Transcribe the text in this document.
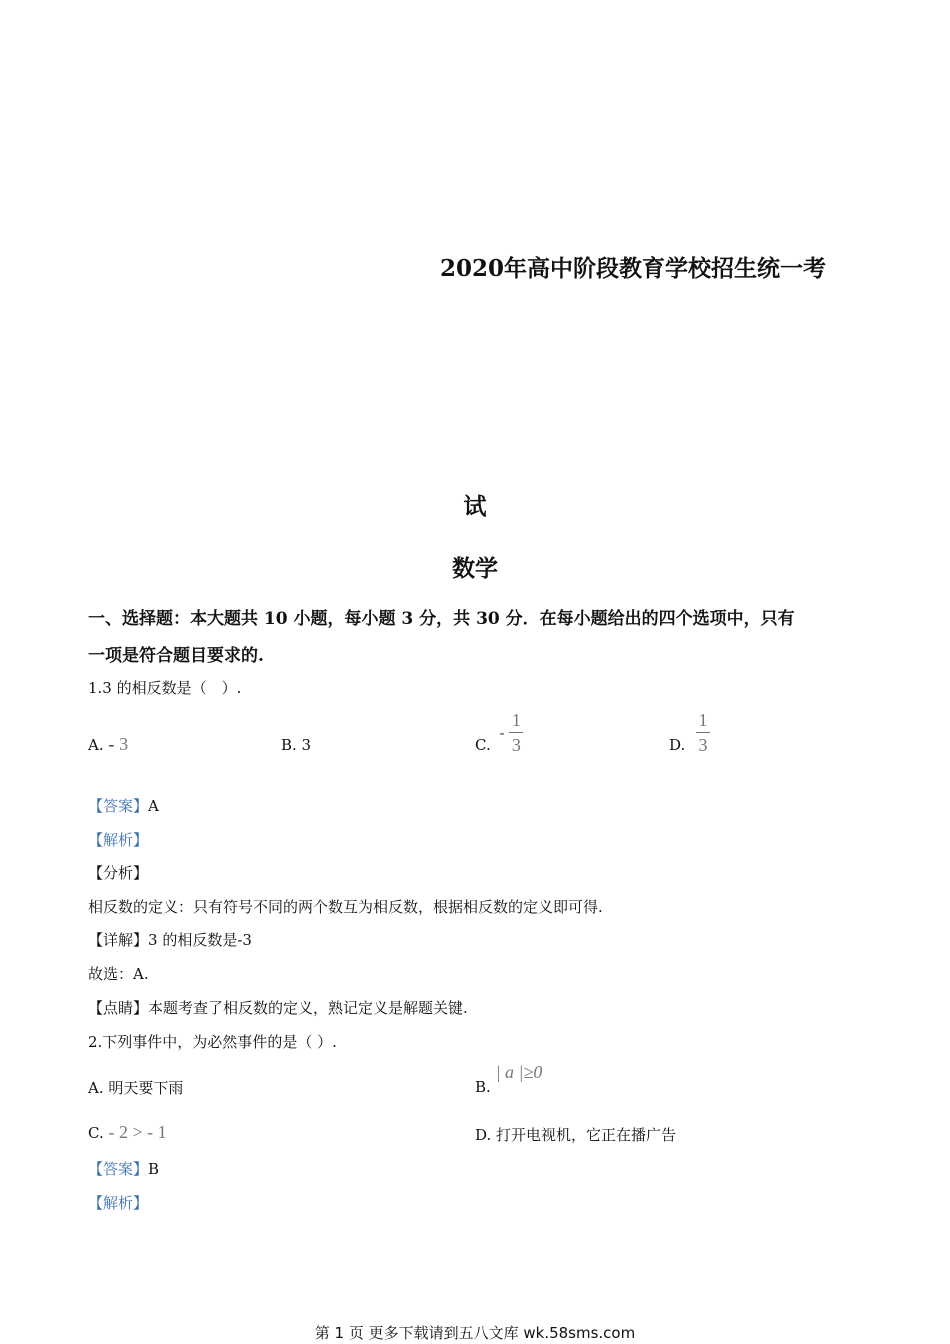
2020年高中阶段教育学校招生统一考
试
数学
一、选择题：本大题共 10 小题，每小题 3 分，共 30 分．在每小题给出的四个选项中，只有
一项是符合题目要求的.
1.3 的相反数是（　）.
A. - 3	B. 3	C. - $\frac{1}{3}$	D. $\frac{1}{3}$
【答案】A
【解析】
【分析】
相反数的定义：只有符号不同的两个数互为相反数，根据相反数的定义即可得.
【详解】3 的相反数是-3
故选：A.
【点睛】本题考查了相反数的定义，熟记定义是解题关键.
2.下列事件中，为必然事件的是（ ）.
A. 明天要下雨	B. | a |≥0
C. - 2 > - 1	D. 打开电视机，它正在播广告
【答案】B
【解析】
第 1 页 更多下载请到五八文库 wk.58sms.com
